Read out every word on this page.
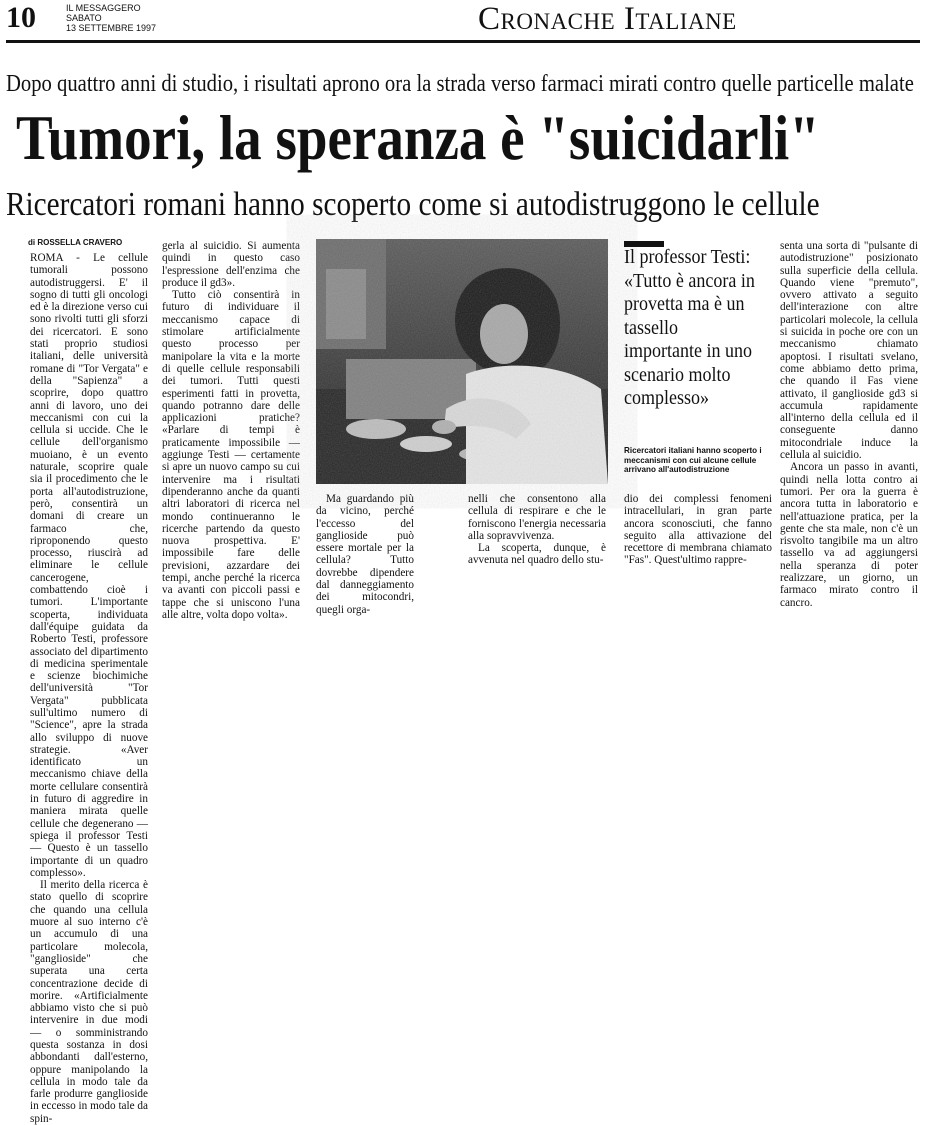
10	IL MESSAGGERO
SABATO
13 SETTEMBRE 1997	Cronache Italiane
Dopo quattro anni di studio, i risultati aprono ora la strada verso farmaci mirati contro quelle particelle malate
Tumori, la speranza è "suicidarli"
Ricercatori romani hanno scoperto come si autodistruggono le cellule
di ROSSELLA CRAVERO

ROMA - Le cellule tumorali possono autodistruggersi. E' il sogno di tutti gli oncologi ed è la direzione verso cui sono rivolti tutti gli sforzi dei ricercatori. E sono stati proprio studiosi italiani, delle università romane di "Tor Vergata" e della "Sapienza" a scoprire, dopo quattro anni di lavoro, uno dei meccanismi con cui la cellula si uccide. Che le cellule dell'organismo muoiano, è un evento naturale, scoprire quale sia il procedimento che le porta all'autodistruzione, però, consentirà un domani di creare un farmaco che, riproponendo questo processo, riuscirà ad eliminare le cellule cancerogene, combattendo cioè i tumori. L'importante scoperta, individuata dall'équipe guidata da Roberto Testi, professore associato del dipartimento di medicina sperimentale e scienze biochimiche dell'università "Tor Vergata" pubblicata sull'ultimo numero di "Science", apre la strada allo sviluppo di nuove strategie. «Aver identificato un meccanismo chiave della morte cellulare consentirà in futuro di aggredire in maniera mirata quelle cellule che degenerano — spiega il professor Testi — Questo è un tassello importante di un quadro complesso».

Il merito della ricerca è stato quello di scoprire che quando una cellula muore al suo interno c'è un accumulo di una particolare molecola, "ganglioside" che superata una certa concentrazione decide di morire. «Artificialmente abbiamo visto che si può intervenire in due modi — o somministrando questa sostanza in dosi abbondanti dall'esterno, oppure manipolando la cellula in modo tale da farle produrre ganglioside in eccesso in modo tale da spin-

gerla al suicidio. Si aumenta quindi in questo caso l'espressione dell'enzima che produce il gd3».

Tutto ciò consentirà in futuro di individuare il meccanismo capace di stimolare artificialmente questo processo per manipolare la vita e la morte di quelle cellule responsabili dei tumori. Tutti questi esperimenti fatti in provetta, quando potranno dare delle applicazioni pratiche? «Parlare di tempi è praticamente impossibile — aggiunge Testi — certamente si apre un nuovo campo su cui intervenire ma i risultati dipenderanno anche da quanti altri laboratori di ricerca nel mondo continueranno le ricerche partendo da questo nuova prospettiva. E' impossibile fare delle previsioni, azzardare dei tempi, anche perché la ricerca va avanti con piccoli passi e tappe che si uniscono l'una alle altre, volta dopo volta».

Ma guardando più da vicino, perché l'eccesso del ganglioside può essere mortale per la cellula? Tutto dovrebbe dipendere dal danneggiamento dei mitocondri, quegli orga-

nelli che consentono alla cellula di respirare e che le forniscono l'energia necessaria alla sopravvivenza.

La scoperta, dunque, è avvenuta nel quadro dello stu-

dio dei complessi fenomeni intracellulari, in gran parte ancora sconosciuti, che fanno seguito alla attivazione del recettore di membrana chiamato "Fas". Quest'ultimo rappre-

Il professor Testi: «Tutto è ancora in provetta ma è un tassello importante in uno scenario molto complesso»
Ricercatori italiani hanno scoperto i meccanismi con cui alcune cellule arrivano all'autodistruzione

senta una sorta di "pulsante di autodistruzione" posizionato sulla superficie della cellula. Quando viene "premuto", ovvero attivato a seguito dell'interazione con altre particolari molecole, la cellula si suicida in poche ore con un meccanismo chiamato apoptosi. I risultati svelano, come abbiamo detto prima, che quando il Fas viene attivato, il ganglioside gd3 si accumula rapidamente all'interno della cellula ed il conseguente danno mitocondriale induce la cellula al suicidio.

Ancora un passo in avanti, quindi nella lotta contro ai tumori. Per ora la guerra è ancora tutta in laboratorio e nell'attuazione pratica, per la gente che sta male, non c'è un risvolto tangibile ma un altro tassello va ad aggiungersi nella speranza di poter realizzare, un giorno, un farmaco mirato contro il cancro.
